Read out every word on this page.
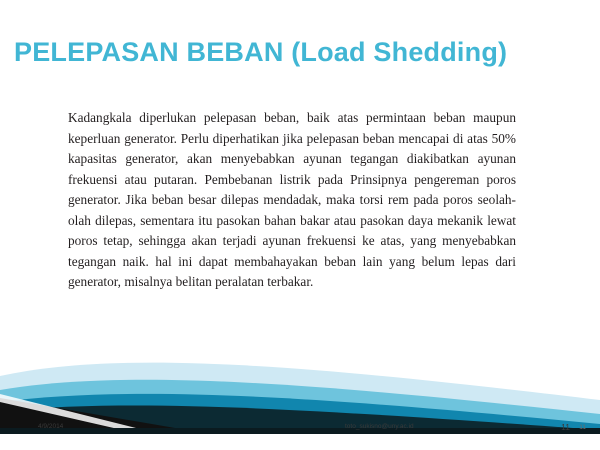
PELEPASAN BEBAN (Load Shedding)
Kadangkala diperlukan pelepasan beban, baik atas permintaan beban maupun keperluan generator. Perlu diperhatikan jika pelepasan beban mencapai di atas 50% kapasitas generator, akan menyebabkan ayunan tegangan diakibatkan ayunan frekuensi atau putaran. Pembebanan listrik pada Prinsipnya pengereman poros generator. Jika beban besar dilepas mendadak, maka torsi rem pada poros seolah-olah dilepas, sementara itu pasokan bahan bakar atau pasokan daya mekanik lewat poros tetap, sehingga akan terjadi ayunan frekuensi ke atas, yang menyebabkan tegangan naik. hal ini dapat membahayakan beban lain yang belum lepas dari generator, misalnya belitan peralatan terbakar.
4/9/2014	toto_sukisno@uny.ac.id	11 11
